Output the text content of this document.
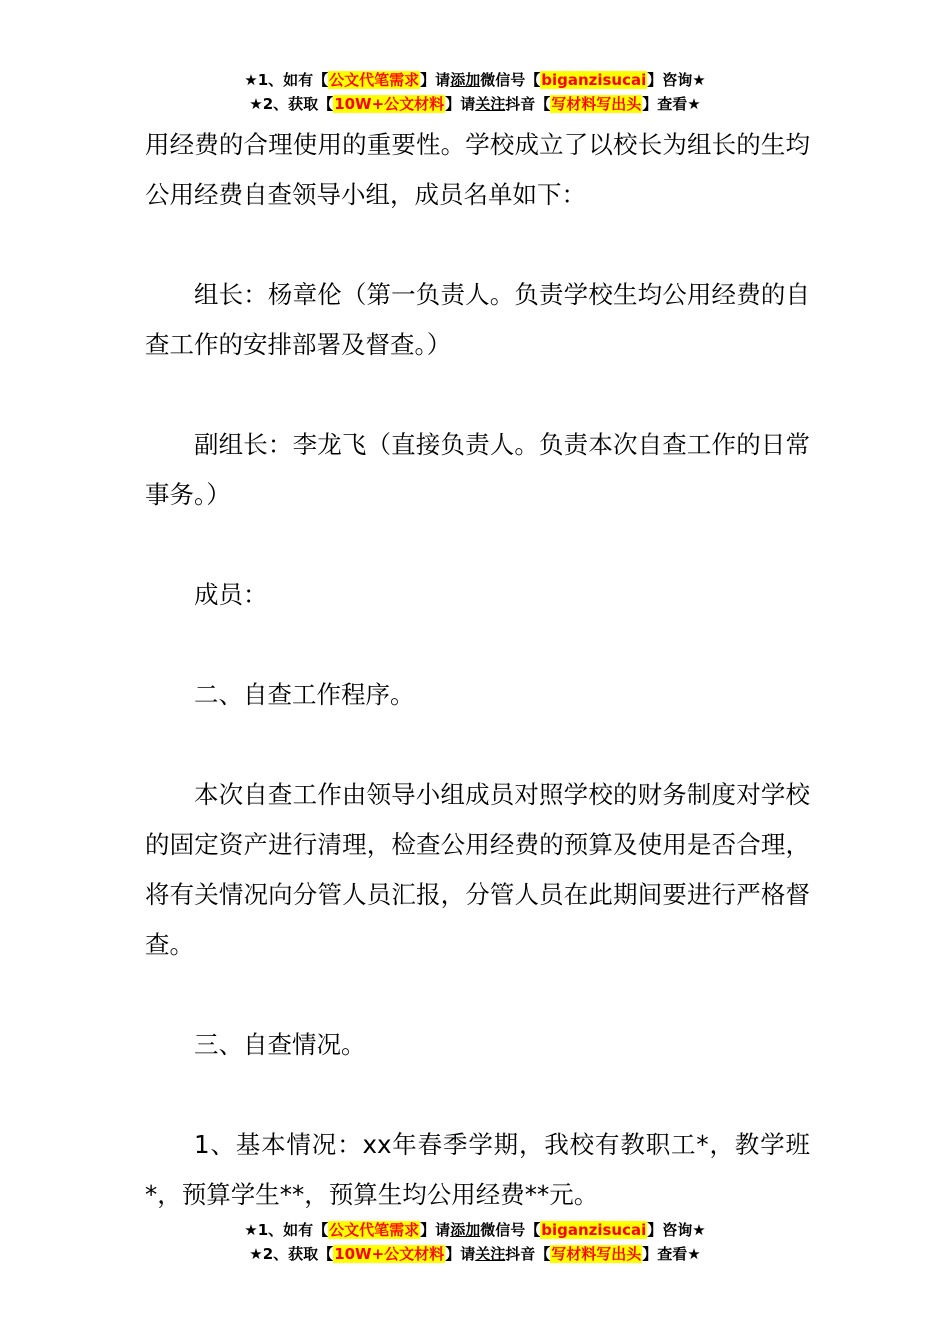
★1、如有【公文代笔需求】请添加微信号【biganzisucai】咨询★
★2、获取【10W+公文材料】请关注抖音【写材料写出头】查看★

用经费的合理使用的重要性。学校成立了以校长为组长的生均公用经费自查领导小组，成员名单如下：

组长：杨章伦（第一负责人。负责学校生均公用经费的自查工作的安排部署及督查。）

副组长：李龙飞（直接负责人。负责本次自查工作的日常事务。）

成员：

二、自查工作程序。

本次自查工作由领导小组成员对照学校的财务制度对学校的固定资产进行清理，检查公用经费的预算及使用是否合理，将有关情况向分管人员汇报，分管人员在此期间要进行严格督查。

三、自查情况。

1、基本情况：xx年春季学期，我校有教职工*，教学班*，预算学生**，预算生均公用经费**元。

★1、如有【公文代笔需求】请添加微信号【biganzisucai】咨询★
★2、获取【10W+公文材料】请关注抖音【写材料写出头】查看★
